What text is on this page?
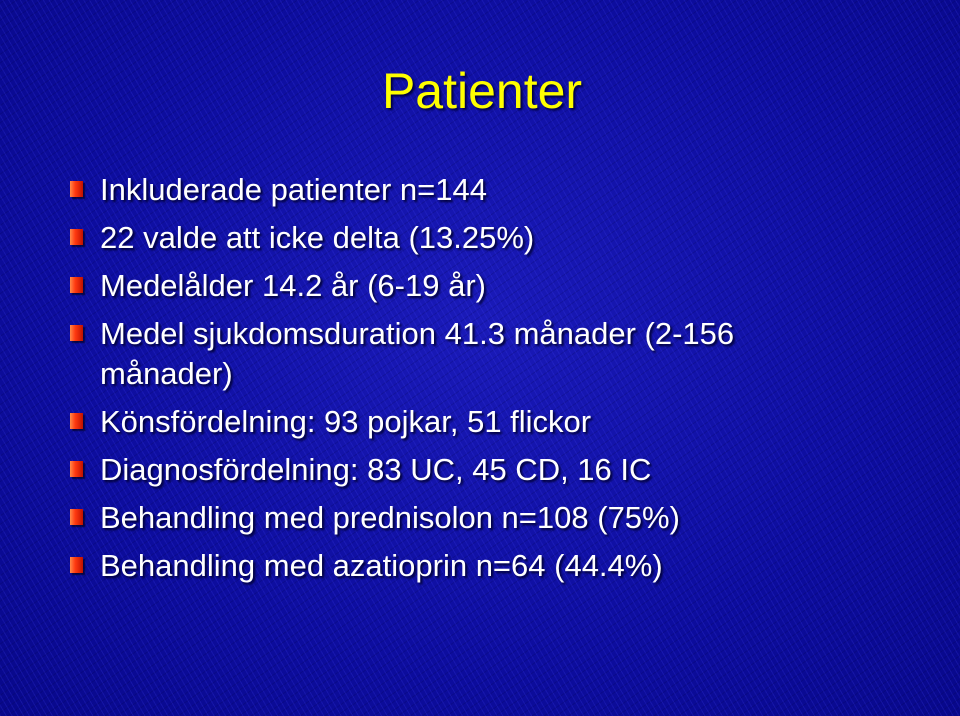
Patienter
Inkluderade patienter n=144
22 valde att icke delta (13.25%)
Medelålder 14.2 år (6-19 år)
Medel sjukdomsduration 41.3 månader (2-156 månader)
Könsfördelning: 93 pojkar, 51 flickor
Diagnosfördelning: 83 UC, 45 CD, 16 IC
Behandling med prednisolon n=108 (75%)
Behandling med azatioprin n=64 (44.4%)
